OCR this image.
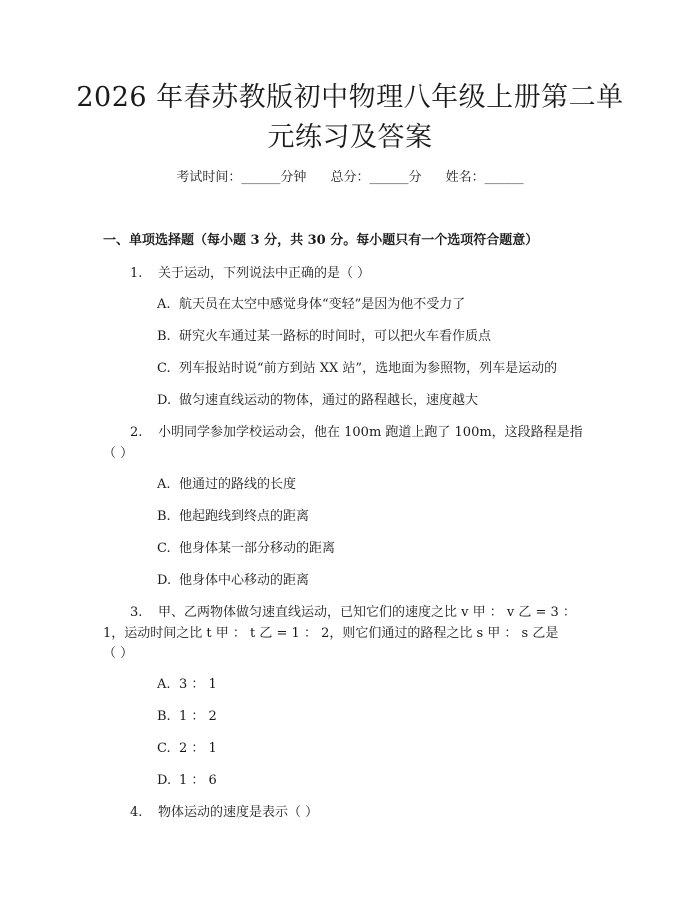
2026 年春苏教版初中物理八年级上册第二单
元练习及答案
考试时间：______分钟 总分：______分 姓名：______
一、单项选择题（每小题 3 分，共 30 分。每小题只有一个选项符合题意）
1. 关于运动，下列说法中正确的是（ ）
A. 航天员在太空中感觉身体“变轻”是因为他不受力了
B. 研究火车通过某一路标的时间时，可以把火车看作质点
C. 列车报站时说“前方到站 XX 站”，选地面为参照物，列车是运动的
D. 做匀速直线运动的物体，通过的路程越长，速度越大
2. 小明同学参加学校运动会，他在 100m 跑道上跑了 100m，这段路程是指
（ ）
A. 他通过的路线的长度
B. 他起跑线到终点的距离
C. 他身体某一部分移动的距离
D. 他身体中心移动的距离
3. 甲、乙两物体做匀速直线运动，已知它们的速度之比 v 甲 ： v 乙 = 3 ：
1，运动时间之比 t 甲 ： t 乙 = 1 ： 2，则它们通过的路程之比 s 甲 ： s 乙是
（ ）
A. 3 ： 1
B. 1 ： 2
C. 2 ： 1
D. 1 ： 6
4. 物体运动的速度是表示（ ）
